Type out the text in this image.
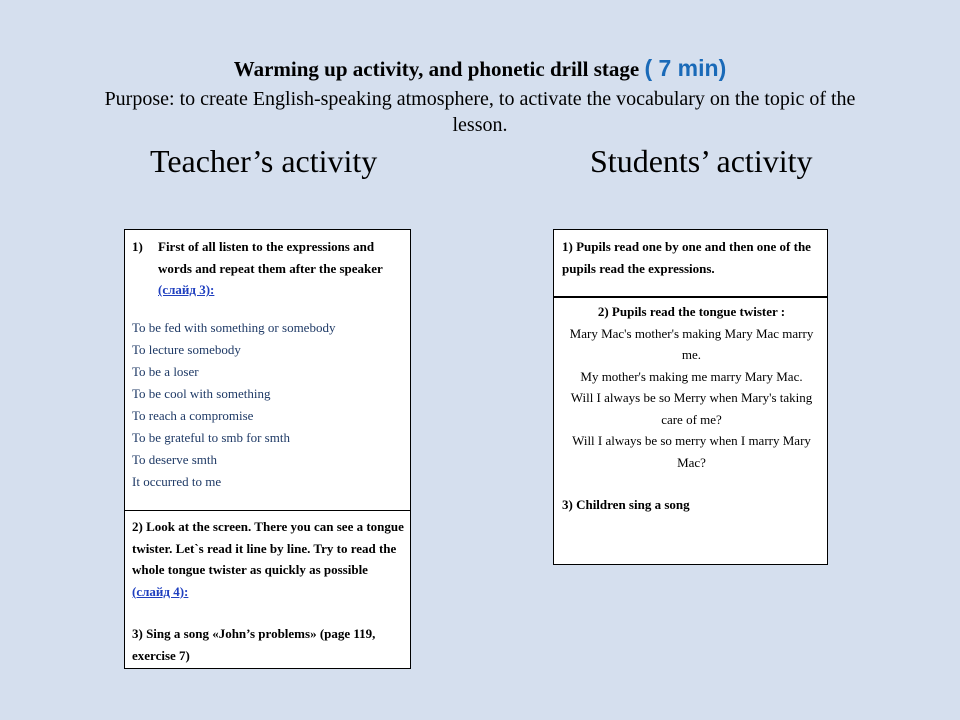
Warming up activity, and phonetic drill stage ( 7 min)
Purpose: to create English-speaking atmosphere, to activate the vocabulary on the topic of the lesson.
Teacher’s activity	Students’ activity
1)	First of all listen to the expressions and words and repeat them after the speaker (слайд 3):
To be fed with something or somebody
To lecture somebody
To be a loser
To be cool with something
To reach a compromise
To be grateful to smb for smth
To deserve smth
It occurred to me
2) Look at the screen. There you can see a tongue twister. Let`s read it line by line. Try to read the whole tongue twister as quickly as possible (слайд 4):
3) Sing a song «John’s problems» (page 119, exercise 7)
1) Pupils read one by one and then one of the pupils read the expressions.
2) Pupils read the tongue twister :
Mary Mac's mother's making Mary Mac marry me.
My mother's making me marry Mary Mac.
Will I always be so Merry when Mary's taking care of me?
Will I always be so merry when I marry Mary Mac?
3) Children sing a song
